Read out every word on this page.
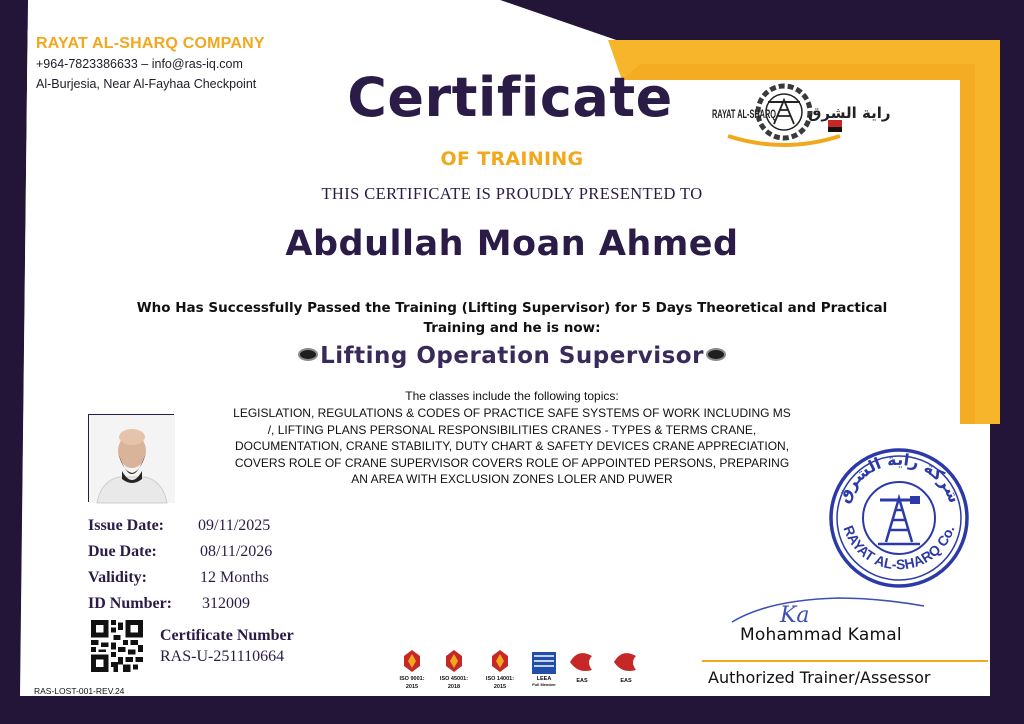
RAYAT AL-SHARQ COMPANY
+964-7823386633 – info@ras-iq.com
Al-Burjesia, Near Al-Fayhaa Checkpoint
RAYAT AL-SHARQ راية الشرق
Certificate
OF TRAINING
THIS CERTIFICATE IS PROUDLY PRESENTED TO
Abdullah Moan Ahmed
Who Has Successfully Passed the Training (Lifting Supervisor) for 5 Days Theoretical and Practical
Training and he is now:
Lifting Operation Supervisor
The classes include the following topics:
LEGISLATION, REGULATIONS & CODES OF PRACTICE SAFE SYSTEMS OF WORK INCLUDING MS
/, LIFTING PLANS PERSONAL RESPONSIBILITIES CRANES - TYPES & TERMS CRANE,
DOCUMENTATION, CRANE STABILITY, DUTY CHART & SAFETY DEVICES CRANE APPRECIATION,
COVERS ROLE OF CRANE SUPERVISOR COVERS ROLE OF APPOINTED PERSONS, PREPARING
AN AREA WITH EXCLUSION ZONES LOLER AND PUWER
Issue Date: 09/11/2025
Due Date:	08/11/2026
Validity:	12 Months
ID Number: 312009
Certificate Number
RAS-U-251110664
RAS-LOST-001-REV.24
ISO 9001:
2015
ISO 45001:
2018
ISO 14001:
2015
LEEA
Full Member
EAS	EAS
شركة راية الشرق
RAYAT AL-SHARQ Co.
Ka
Mohammad Kamal
Authorized Trainer/Assessor
